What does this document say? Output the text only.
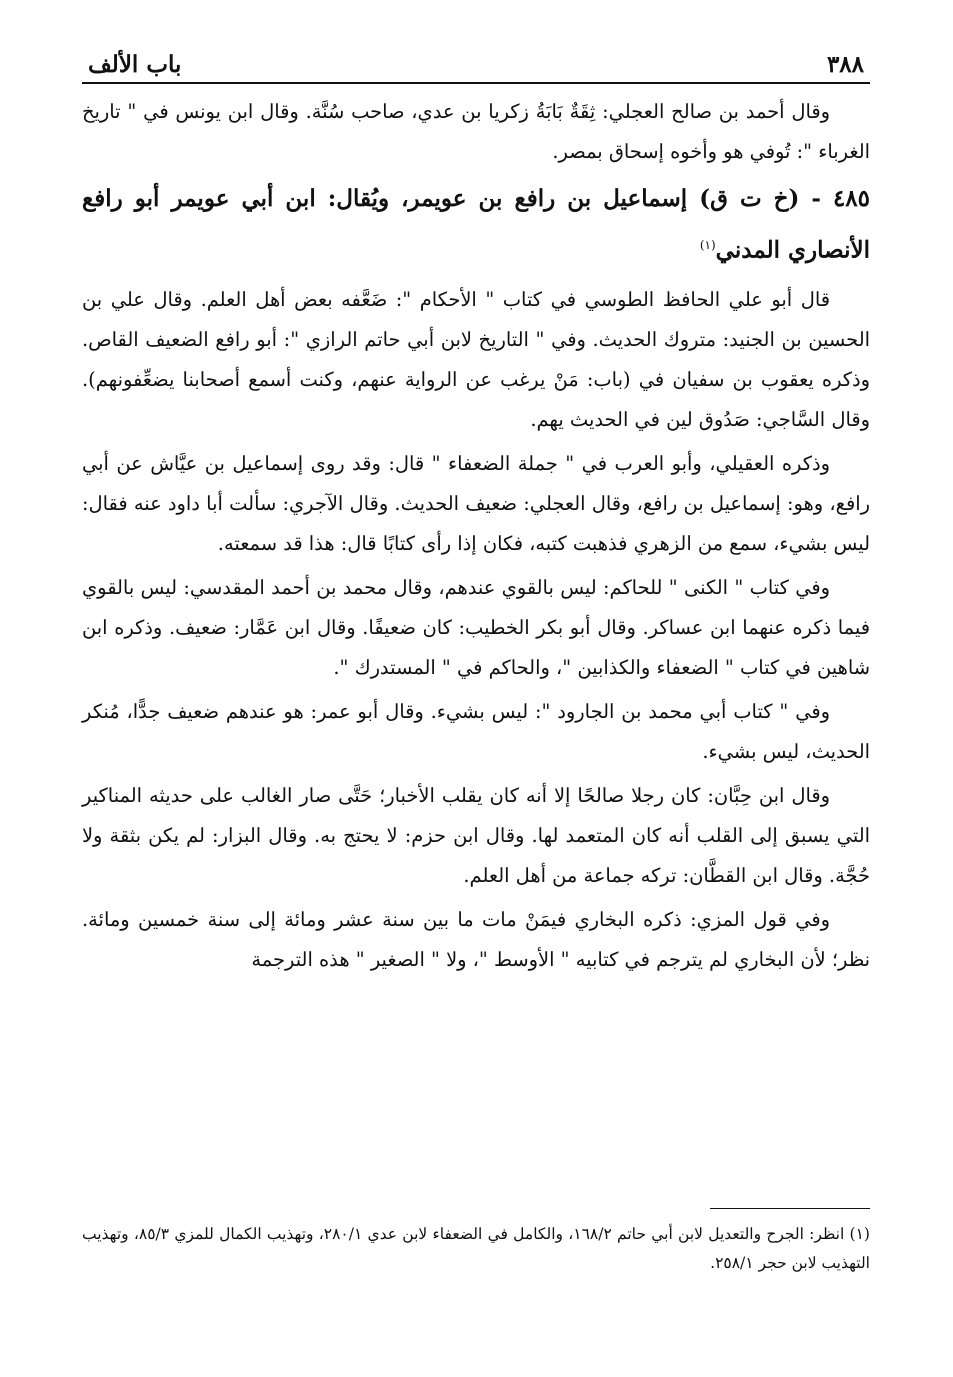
٣٨٨
باب الألف

وقال أحمد بن صالح العجلي: ثِقَةٌ بَابَةُ زكريا بن عدي، صاحب سُنَّة. وقال ابن يونس في " تاريخ الغرباء ": تُوفي هو وأخوه إسحاق بمصر.

٤٨٥ - (خ ت ق) إسماعيل بن رافع بن عويمر، ويُقال: ابن أبي عويمر أبو رافع الأنصاري المدني$^{(١)}$

قال أبو علي الحافظ الطوسي في كتاب " الأحكام ": ضَعَّفه بعض أهل العلم. وقال علي بن الحسين بن الجنيد: متروك الحديث. وفي " التاريخ لابن أبي حاتم الرازي ": أبو رافع الضعيف القاص. وذكره يعقوب بن سفيان في (باب: مَنْ يرغب عن الرواية عنهم، وكنت أسمع أصحابنا يضعِّفونهم). وقال السَّاجي: صَدُوق لين في الحديث يهم.

وذكره العقيلي، وأبو العرب في " جملة الضعفاء " قال: وقد روى إسماعيل بن عيَّاش عن أبي رافع، وهو: إسماعيل بن رافع، وقال العجلي: ضعيف الحديث. وقال الآجري: سألت أبا داود عنه فقال: ليس بشيء، سمع من الزهري فذهبت كتبه، فكان إذا رأى كتابًا قال: هذا قد سمعته.

وفي كتاب " الكنى " للحاكم: ليس بالقوي عندهم، وقال محمد بن أحمد المقدسي: ليس بالقوي فيما ذكره عنهما ابن عساكر. وقال أبو بكر الخطيب: كان ضعيفًا. وقال ابن عَمَّار: ضعيف. وذكره ابن شاهين في كتاب " الضعفاء والكذابين "، والحاكم في " المستدرك ".

وفي " كتاب أبي محمد بن الجارود ": ليس بشيء. وقال أبو عمر: هو عندهم ضعيف جدًّا، مُنكر الحديث، ليس بشيء.

وقال ابن حِبَّان: كان رجلا صالحًا إلا أنه كان يقلب الأخبار؛ حَتَّى صار الغالب على حديثه المناكير التي يسبق إلى القلب أنه كان المتعمد لها. وقال ابن حزم: لا يحتج به. وقال البزار: لم يكن بثقة ولا حُجَّة. وقال ابن القطَّان: تركه جماعة من أهل العلم.

وفي قول المزي: ذكره البخاري فيمَنْ مات ما بين سنة عشر ومائة إلى سنة خمسين ومائة. نظر؛ لأن البخاري لم يترجم في كتابيه " الأوسط "، ولا " الصغير " هذه الترجمة

(١) انظر: الجرح والتعديل لابن أبي حاتم ١٦٨/٢، والكامل في الضعفاء لابن عدي ٢٨٠/١، وتهذيب الكمال للمزي ٨٥/٣، وتهذيب التهذيب لابن حجر ٢٥٨/١.
